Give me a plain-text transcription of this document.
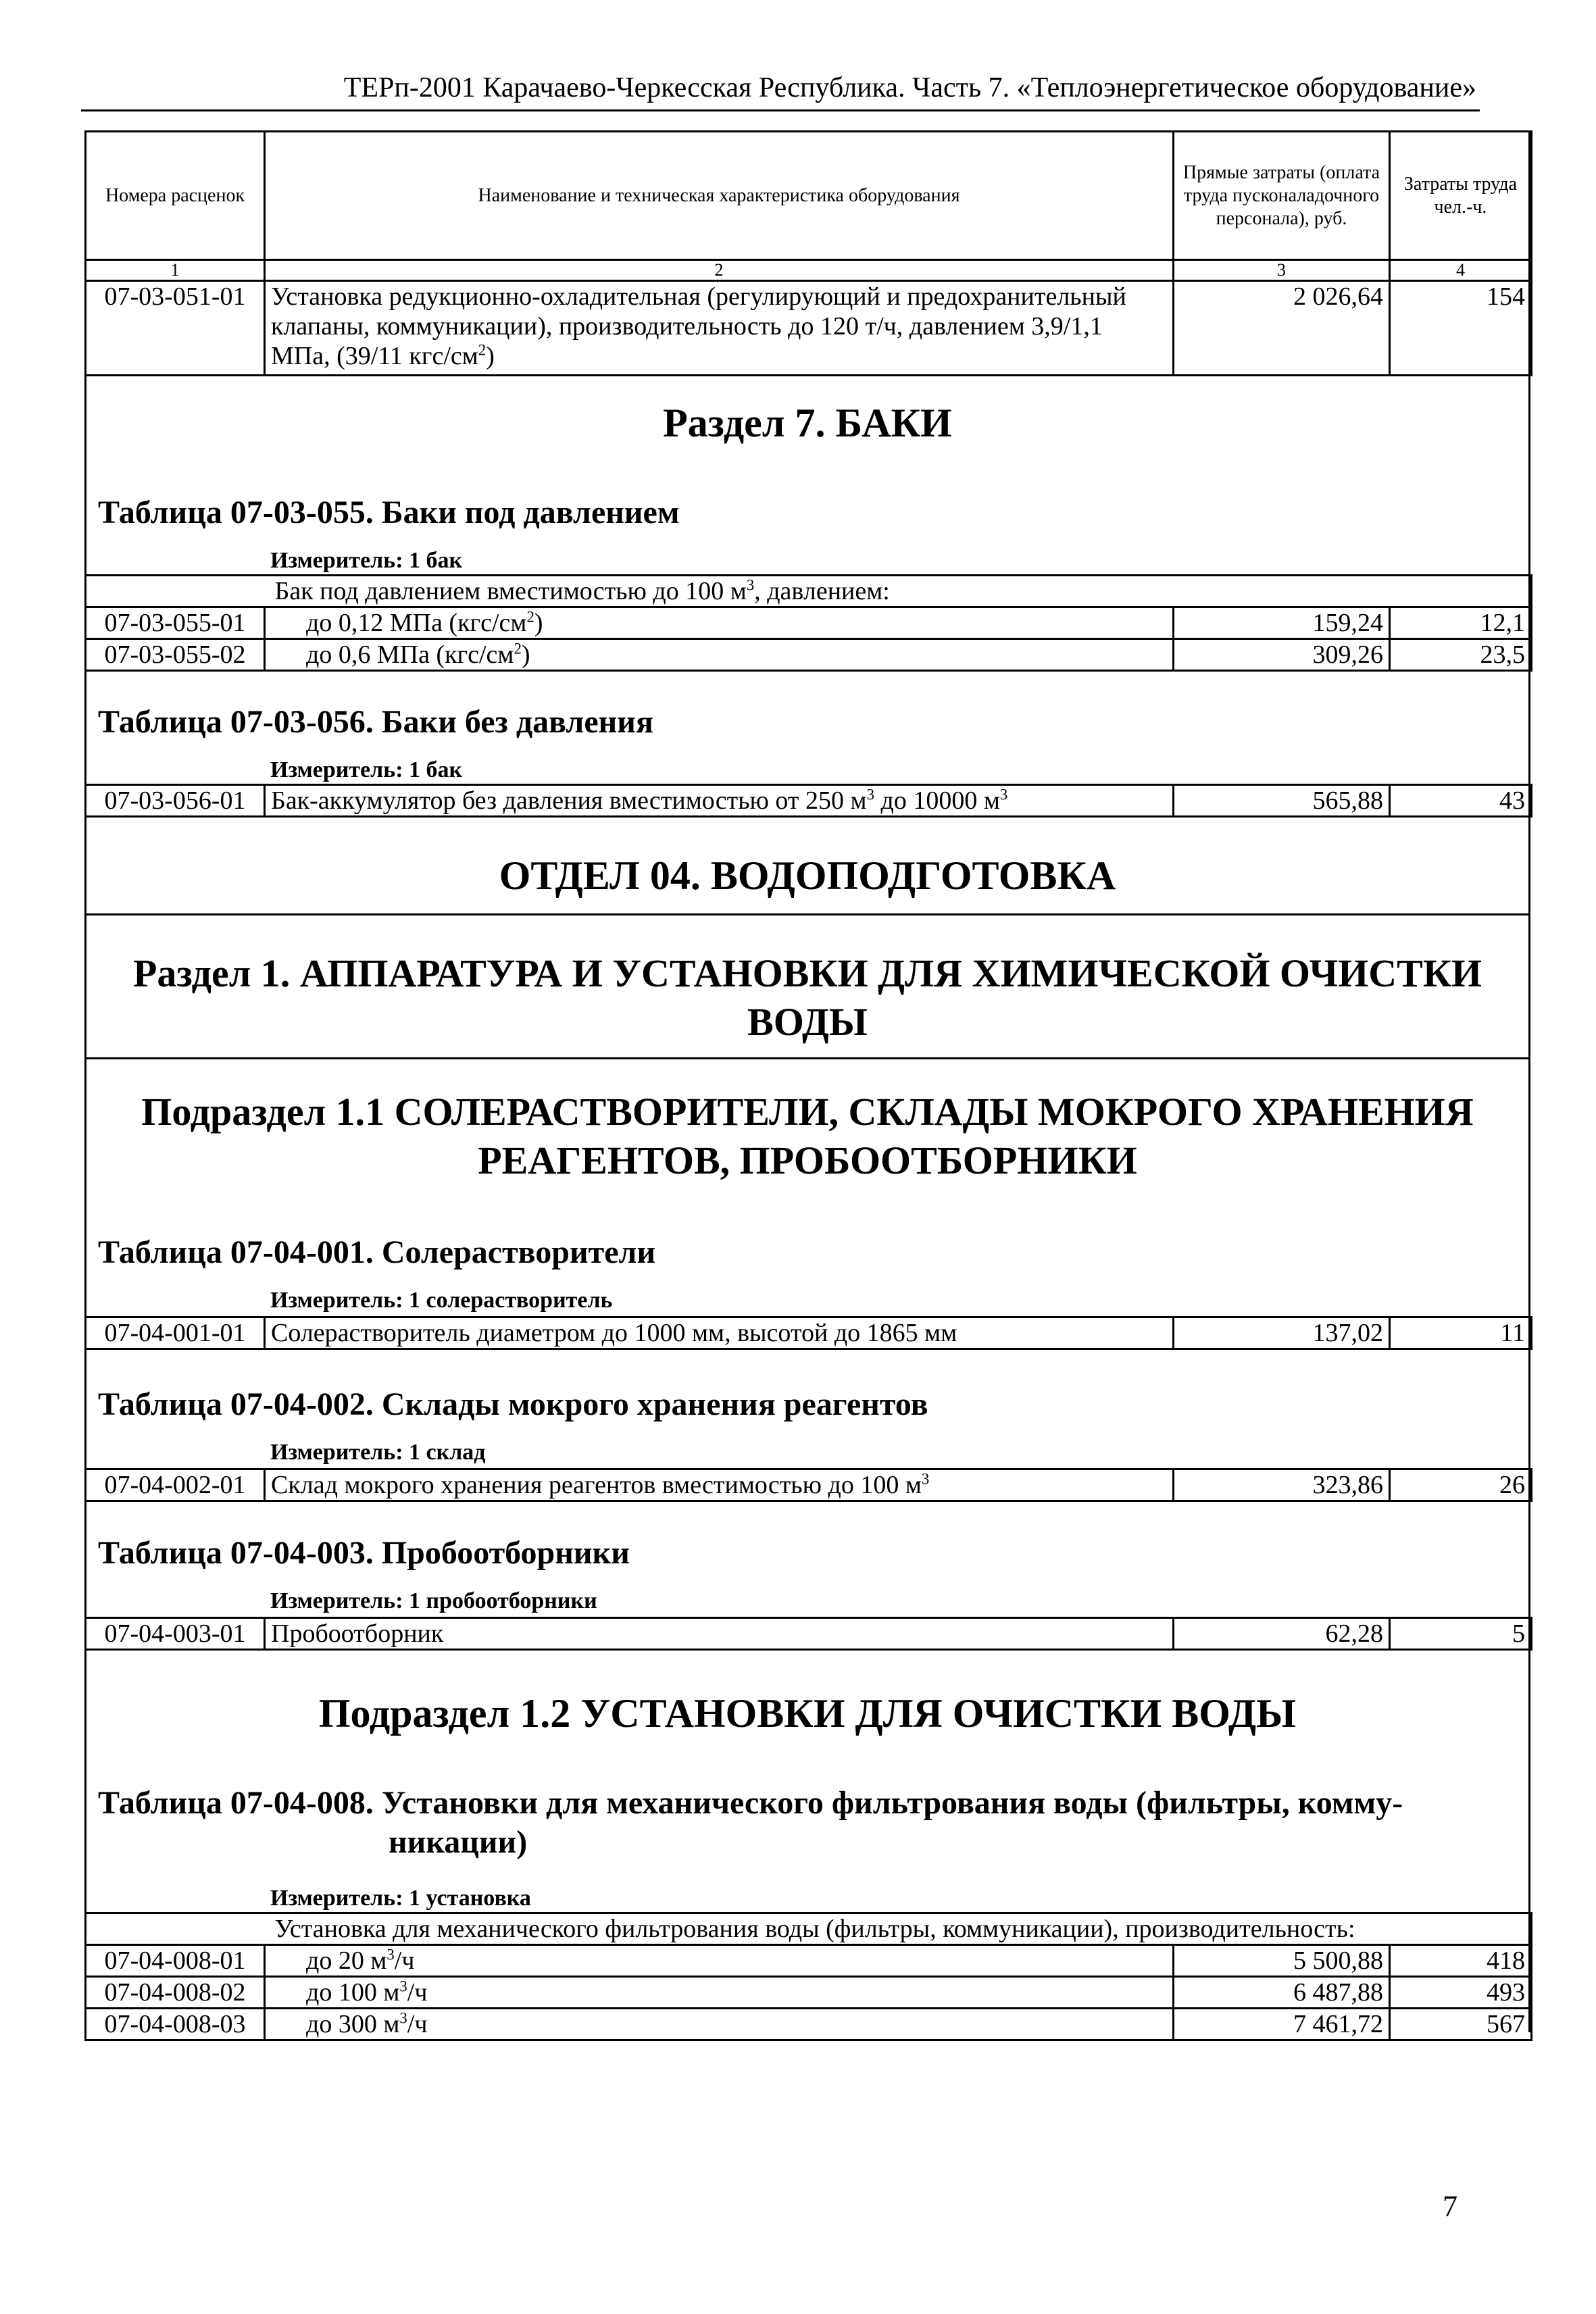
ТЕРп-2001 Карачаево-Черкесская Республика. Часть 7. «Теплоэнергетическое оборудование»
Номера расценок	Наименование и техническая характеристика оборудования	Прямые затраты (оплата труда пусконаладочного персонала), руб.	Затраты труда чел.-ч.
1	2	3	4
07-03-051-01	Установка редукционно-охладительная (регулирующий и предохранительный
клапаны, коммуникации), производительность до 120 т/ч, давлением 3,9/1,1
МПа, (39/11 кгс/$см^2$)	2 026,64	154
Раздел 7. БАКИ
Таблица 07-03-055. Баки под давлением
Измеритель: 1 бак
	Бак под давлением вместимостью до 100 $м^3$, давлением:		
07-03-055-01	до 0,12 МПа $(кгс/см^2)$	159,24	12,1
07-03-055-02	до 0,6 МПа $(кгс/см^2)$	309,26	23,5
Таблица 07-03-056. Баки без давления
Измеритель: 1 бак
07-03-056-01	Бак-аккумулятор без давления вместимостью от 250 $м^3$ до 10000 $м^3$	565,88	43
ОТДЕЛ 04. ВОДОПОДГОТОВКА
Раздел 1. АППАРАТУРА И УСТАНОВКИ ДЛЯ ХИМИЧЕСКОЙ ОЧИСТКИ
ВОДЫ
Подраздел 1.1 СОЛЕРАСТВОРИТЕЛИ, СКЛАДЫ МОКРОГО ХРАНЕНИЯ
РЕАГЕНТОВ, ПРОБООТБОРНИКИ
Таблица 07-04-001. Солерастворители
Измеритель: 1 солерастворитель
07-04-001-01	Солерастворитель диаметром до 1000 мм, высотой до 1865 мм	137,02	11
Таблица 07-04-002. Склады мокрого хранения реагентов
Измеритель: 1 склад
07-04-002-01	Склад мокрого хранения реагентов вместимостью до 100 $м^3$	323,86	26
Таблица 07-04-003. Пробоотборники
Измеритель: 1 пробоотборники
07-04-003-01	Пробоотборник	62,28	5
Подраздел 1.2 УСТАНОВКИ ДЛЯ ОЧИСТКИ ВОДЫ
Таблица 07-04-008. Установки для механического фильтрования воды (фильтры, комму-
никации)
Измеритель: 1 установка
	Установка для механического фильтрования воды (фильтры, коммуникации), производительность:		
07-04-008-01	до 20 $м^3/ч$	5 500,88	418
07-04-008-02	до 100 $м^3/ч$	6 487,88	493
07-04-008-03	до 300 $м^3/ч$	7 461,72	567
7
